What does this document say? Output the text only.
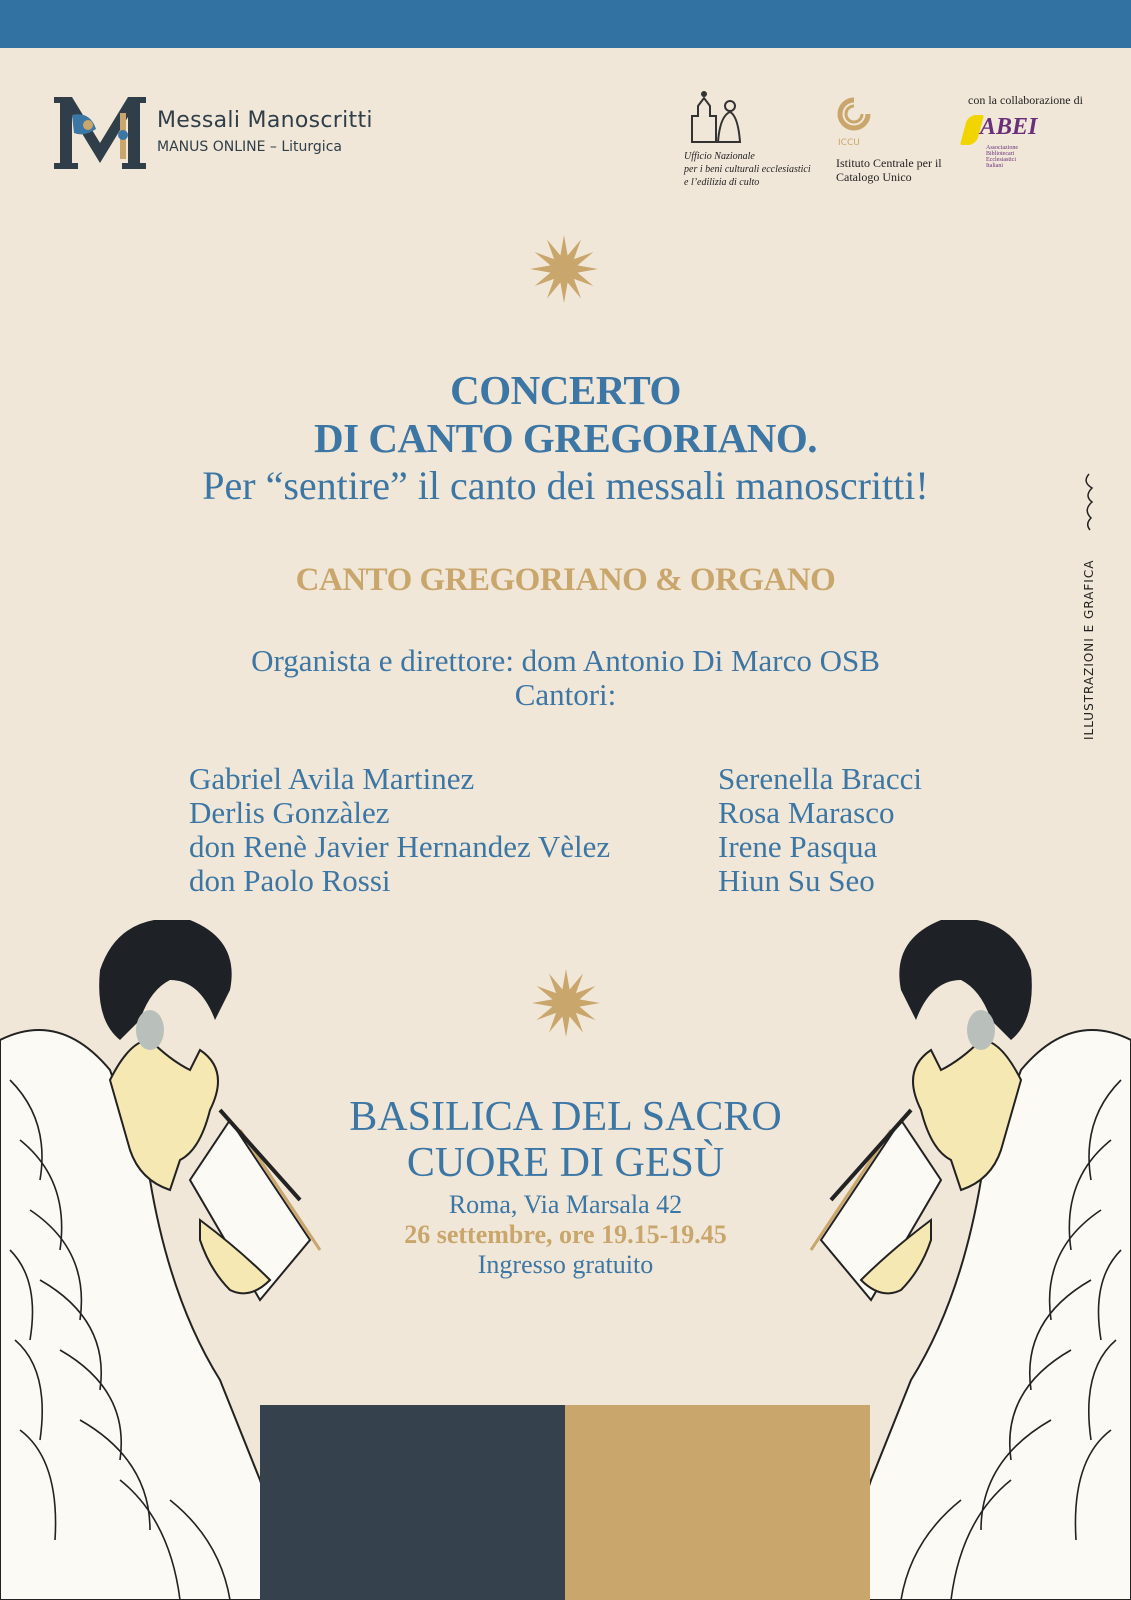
Messali Manoscritti
MANUS ONLINE – Liturgica
Ufficio Nazionale
per i beni culturali ecclesiastici
e l’edilizia di culto
ICCU
Istituto Centrale per il
Catalogo Unico
con la collaborazione di
ABEI
Associazione
Bibliotecari
Ecclesiastici
Italiani
CONCERTO
DI CANTO GREGORIANO.
Per “sentire” il canto dei messali manoscritti!
CANTO GREGORIANO & ORGANO
Organista e direttore: dom Antonio Di Marco OSB
Cantori:
Gabriel Avila Martinez
Derlis Gonzàlez
don Renè Javier Hernandez Vèlez
don Paolo Rossi
Serenella Bracci
Rosa Marasco
Irene Pasqua
Hiun Su Seo
ILLUSTRAZIONI E GRAFICA
BASILICA DEL SACRO
CUORE DI GESÙ
Roma, Via Marsala 42
26 settembre, ore 19.15-19.45
Ingresso gratuito
